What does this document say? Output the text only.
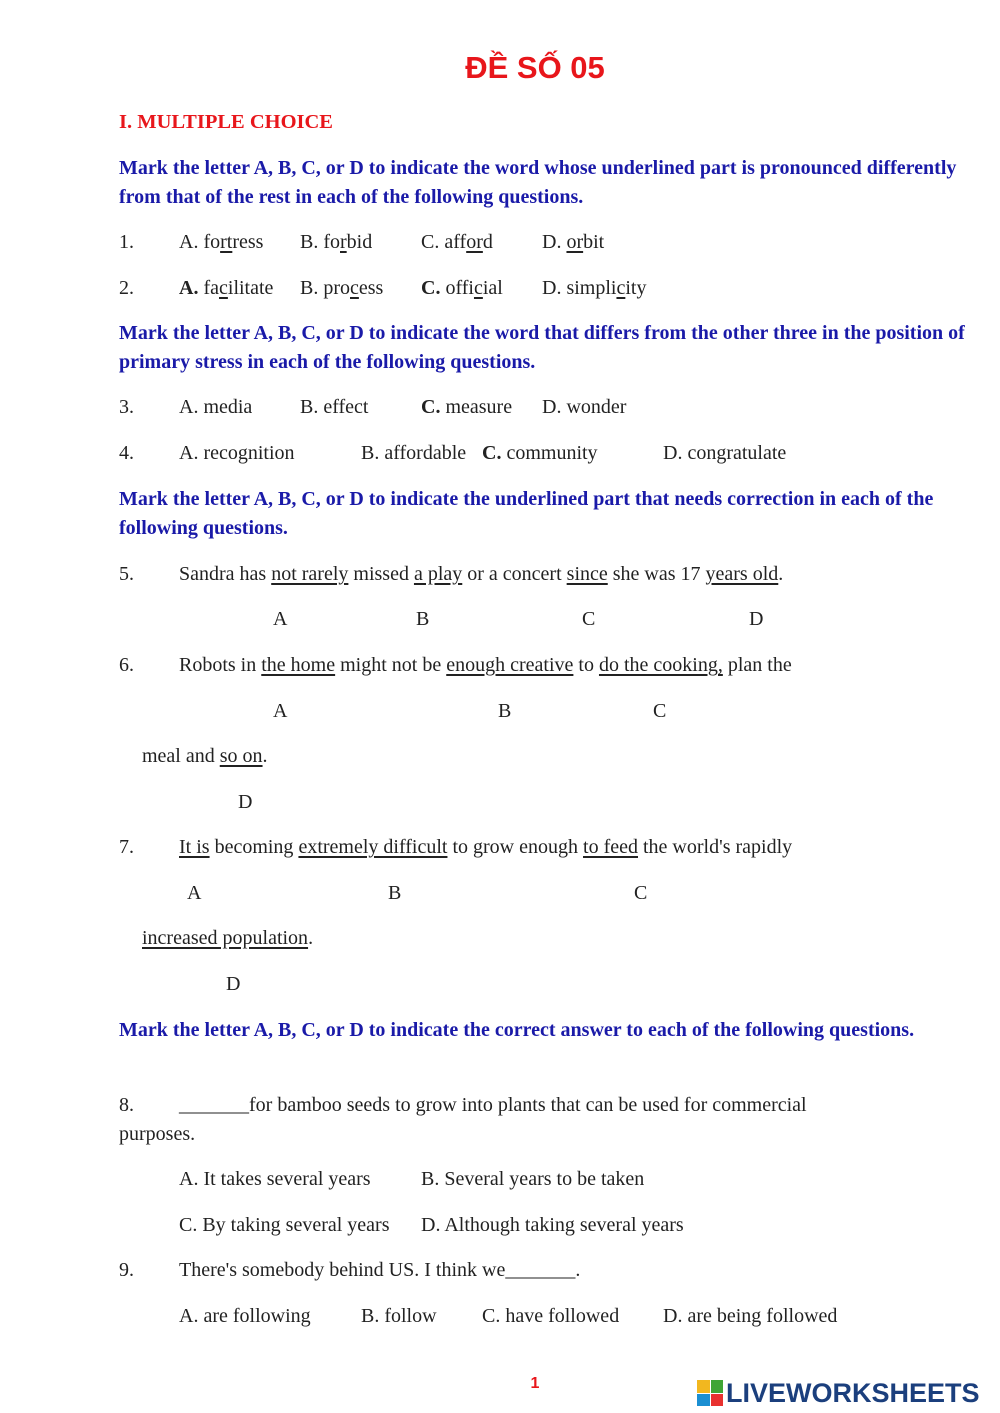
ĐỀ SỐ 05
I. MULTIPLE CHOICE
Mark the letter A, B, C, or D to indicate the word whose underlined part is pronounced differently from that of the rest in each of the following questions.
1. A. fortress B. forbid C. afford D. orbit
2. A. facilitate B. process C. official D. simplicity
Mark the letter A, B, C, or D to indicate the word that differs from the other three in the position of primary stress in each of the following questions.
3. A. media B. effect	C. measure D. wonder
4. A. recognition	B. affordable C. community	D. congratulate
Mark the letter A, B, C, or D to indicate the underlined part that needs correction in each of the following questions.
5. Sandra has not rarely missed a play or a concert since she was 17 years old.
A	B	C	D
6. Robots in the home might not be enough creative to do the cooking, plan the
A	B	C
meal and so on.
D
7. It is becoming extremely difficult to grow enough to feed the world's rapidly
A	B	C
increased population.
D
Mark the letter A, B, C, or D to indicate the correct answer to each of the following questions.
8. _______for bamboo seeds to grow into plants that can be used for commercial
purposes.
A. It takes several years	B. Several years to be taken
C. By taking several years D. Although taking several years
9. There's somebody behind US. I think we_______.
A. are following	B. follow C. have followed D. are being followed
1	LIVEWORKSHEETS
